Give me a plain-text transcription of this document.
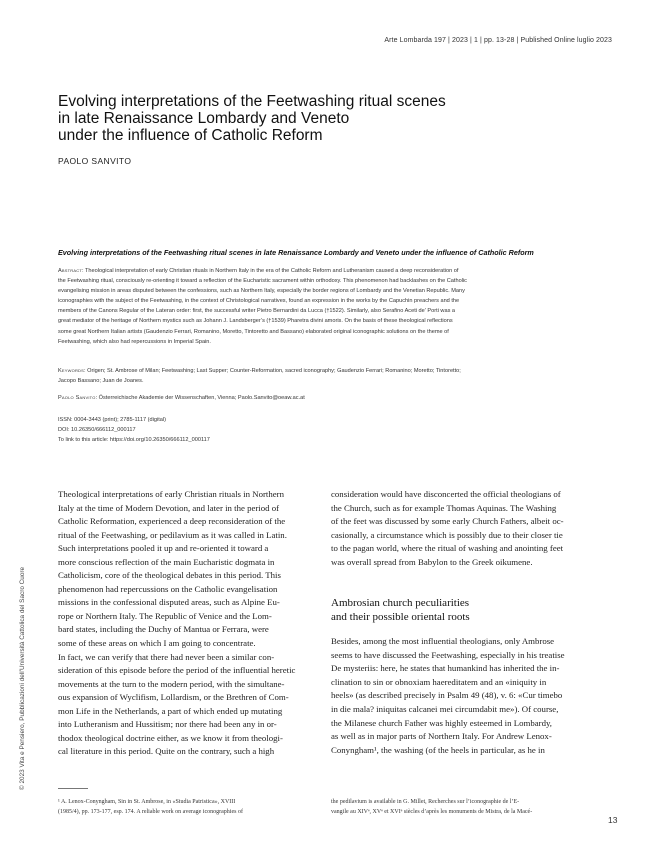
Arte Lombarda 197 | 2023 | 1 | pp. 13-28 | Published Online luglio 2023
Evolving interpretations of the Feetwashing ritual scenes
in late Renaissance Lombardy and Veneto
under the influence of Catholic Reform
PAOLO SANVITO
Evolving interpretations of the Feetwashing ritual scenes in late Renaissance Lombardy and Veneto under the influence of Catholic Reform
Abstract: Theological interpretation of early Christian rituals in Northern Italy in the era of the Catholic Reform and Lutheranism caused a deep reconsideration of
the Feetwashing ritual, consciously re-orienting it toward a reflection of the Eucharistic sacrament within orthodoxy. This phenomenon had backlashes on the Catholic
evangelising mission in areas disputed between the confessions, such as Northern Italy, especially the border regions of Lombardy and the Venetian Republic. Many
iconographies with the subject of the Feetwashing, in the context of Christological narratives, found an expression in the works by the Capuchin preachers and the
members of the Canons Regular of the Lateran order: first, the successful writer Pietro Bernardini da Lucca (†1522). Similarly, also Serafino Aceti de’ Porti was a
great mediator of the heritage of Northern mystics such as Johann J. Landsberger’s (†1539) Pharetra divini amoris. On the basis of these theological reflections
some great Northern Italian artists (Gaudenzio Ferrari, Romanino, Moretto, Tintoretto and Bassano) elaborated original iconographic solutions on the theme of
Feetwashing, which also had repercussions in Imperial Spain.
Keywords: Origen; St. Ambrose of Milan; Feetwashing; Last Supper; Counter-Reformation, sacred iconography; Gaudenzio Ferrari; Romanino; Moretto; Tintoretto;
Jacopo Bassano; Juan de Joanes.
Paolo Sanvito: Österreichische Akademie der Wissenschaften, Vienna; Paolo.Sanvito@oeaw.ac.at
ISSN: 0004-3443 (print); 2785-1117 (digital)
DOI: 10.26350/666112_000117
To link to this article: https://doi.org/10.26350/666112_000117
Theological interpretations of early Christian rituals in Northern
Italy at the time of Modern Devotion, and later in the period of
Catholic Reformation, experienced a deep reconsideration of the
ritual of the Feetwashing, or pedilavium as it was called in Latin.
Such interpretations pooled it up and re-oriented it toward a
more conscious reflection of the main Eucharistic dogmata in
Catholicism, core of the theological debates in this period. This
phenomenon had repercussions on the Catholic evangelisation
missions in the confessional disputed areas, such as Alpine Eu-
rope or Northern Italy. The Republic of Venice and the Lom-
bard states, including the Duchy of Mantua or Ferrara, were
some of these areas on which I am going to concentrate.
In fact, we can verify that there had never been a similar con-
sideration of this episode before the period of the influential heretic
movements at the turn to the modern period, with the simultane-
ous expansion of Wyclifism, Lollardism, or the Brethren of Com-
mon Life in the Netherlands, a part of which ended up mutating
into Lutheranism and Hussitism; nor there had been any in or-
thodox theological doctrine either, as we know it from theologi-
cal literature in this period. Quite on the contrary, such a high
consideration would have disconcerted the official theologians of
the Church, such as for example Thomas Aquinas. The Washing
of the feet was discussed by some early Church Fathers, albeit oc-
casionally, a circumstance which is possibly due to their closer tie
to the pagan world, where the ritual of washing and anointing feet
was overall spread from Babylon to the Greek oikumene.
Ambrosian church peculiarities
and their possible oriental roots
Besides, among the most influential theologians, only Ambrose
seems to have discussed the Feetwashing, especially in his treatise
De mysteriis: here, he states that humankind has inherited the in-
clination to sin or obnoxiam haereditatem and an «iniquity in
heels» (as described precisely in Psalm 49 (48), v. 6: «Cur timebo
in die mala? iniquitas calcanei mei circumdabit me»). Of course,
the Milanese church Father was highly esteemed in Lombardy,
as well as in major parts of Northern Italy. For Andrew Lenox-
Conyngham¹, the washing (of the heels in particular, as he in
¹ A. Lenox-Conyngham, Sin in St. Ambrose, in «Studia Patristica», XVIII
(1985/4), pp. 173-177, esp. 174. A reliable work on average iconographies of
the pedilavium is available in G. Millet, Recherches sur l’iconographie de l’E-
vangile au XIVᵉ, XVᵉ et XVIᵉ siècles d’après les monuments de Mistra, de la Macé-
13
© 2023 Vita e Pensiero, Pubblicazioni dell’Università Cattolica del Sacro Cuore
